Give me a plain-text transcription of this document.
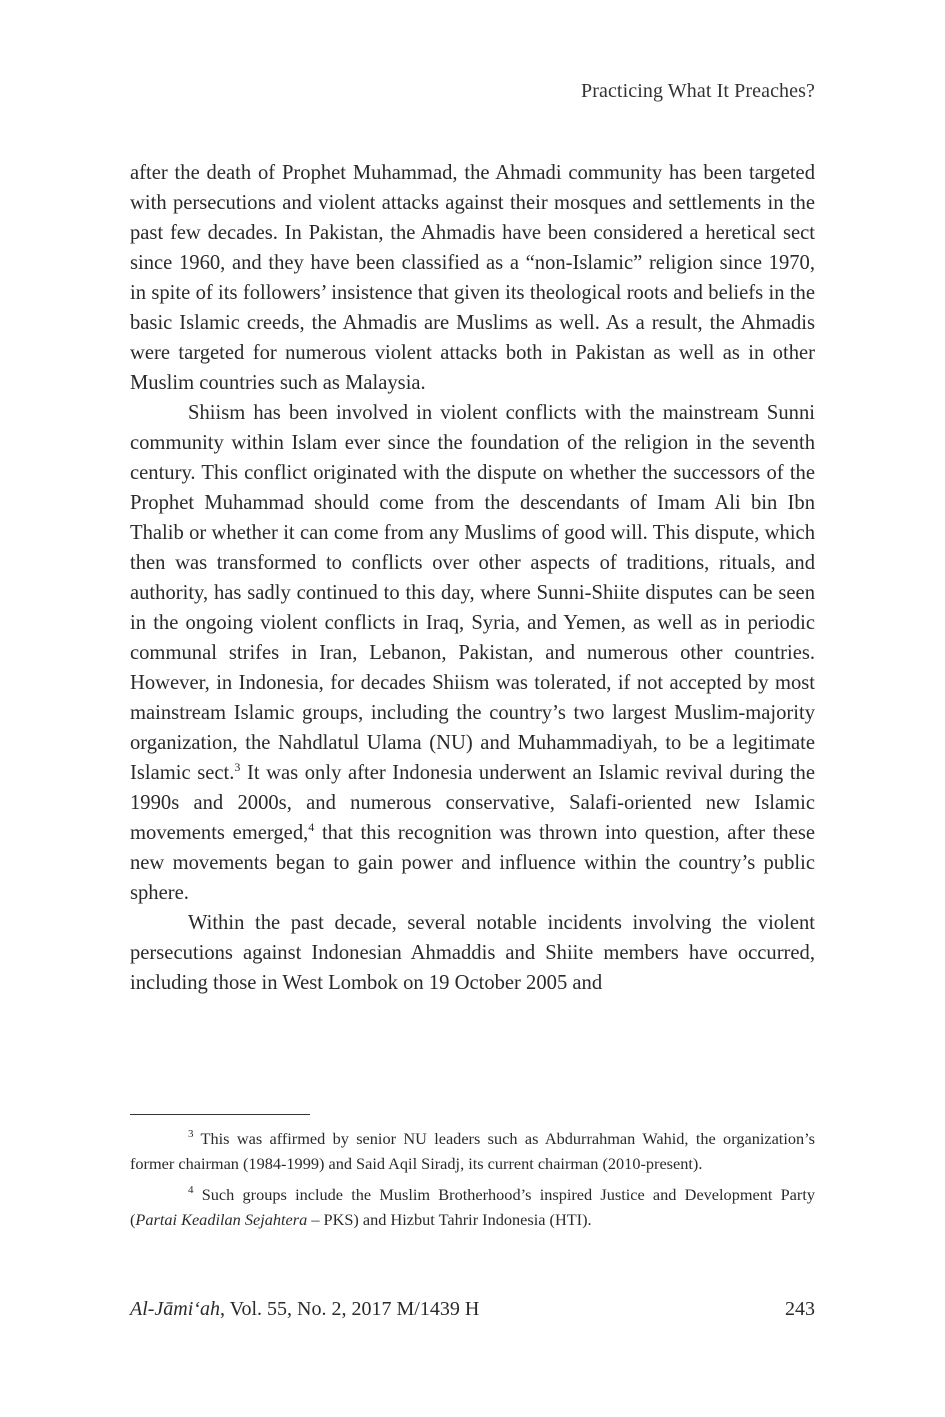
Practicing What It Preaches?

after the death of Prophet Muhammad, the Ahmadi community has been targeted with persecutions and violent attacks against their mosques and settlements in the past few decades. In Pakistan, the Ahmadis have been considered a heretical sect since 1960, and they have been classified as a “non-Islamic” religion since 1970, in spite of its followers’ insistence that given its theological roots and beliefs in the basic Islamic creeds, the Ahmadis are Muslims as well. As a result, the Ahmadis were targeted for numerous violent attacks both in Pakistan as well as in other Muslim countries such as Malaysia.

Shiism has been involved in violent conflicts with the mainstream Sunni community within Islam ever since the foundation of the religion in the seventh century. This conflict originated with the dispute on whether the successors of the Prophet Muhammad should come from the descendants of Imam Ali bin Ibn Thalib or whether it can come from any Muslims of good will. This dispute, which then was transformed to conflicts over other aspects of traditions, rituals, and authority, has sadly continued to this day, where Sunni-Shiite disputes can be seen in the ongoing violent conflicts in Iraq, Syria, and Yemen, as well as in periodic communal strifes in Iran, Lebanon, Pakistan, and numerous other countries. However, in Indonesia, for decades Shiism was tolerated, if not accepted by most mainstream Islamic groups, including the country’s two largest Muslim-majority organization, the Nahdlatul Ulama (NU) and Muhammadiyah, to be a legitimate Islamic sect.$^3$ It was only after Indonesia underwent an Islamic revival during the 1990s and 2000s, and numerous conservative, Salafi-oriented new Islamic movements emerged,$^4$ that this recognition was thrown into question, after these new movements began to gain power and influence within the country’s public sphere.

Within the past decade, several notable incidents involving the violent persecutions against Indonesian Ahmaddis and Shiite members have occurred, including those in West Lombok on 19 October 2005 and

$^3$ This was affirmed by senior NU leaders such as Abdurrahman Wahid, the organization’s former chairman (1984-1999) and Said Aqil Siradj, its current chairman (2010-present).

$^4$ Such groups include the Muslim Brotherhood’s inspired Justice and Development Party (Partai Keadilan Sejahtera – PKS) and Hizbut Tahrir Indonesia (HTI).

Al-Jāmi‘ah, Vol. 55, No. 2, 2017 M/1439 H	243
